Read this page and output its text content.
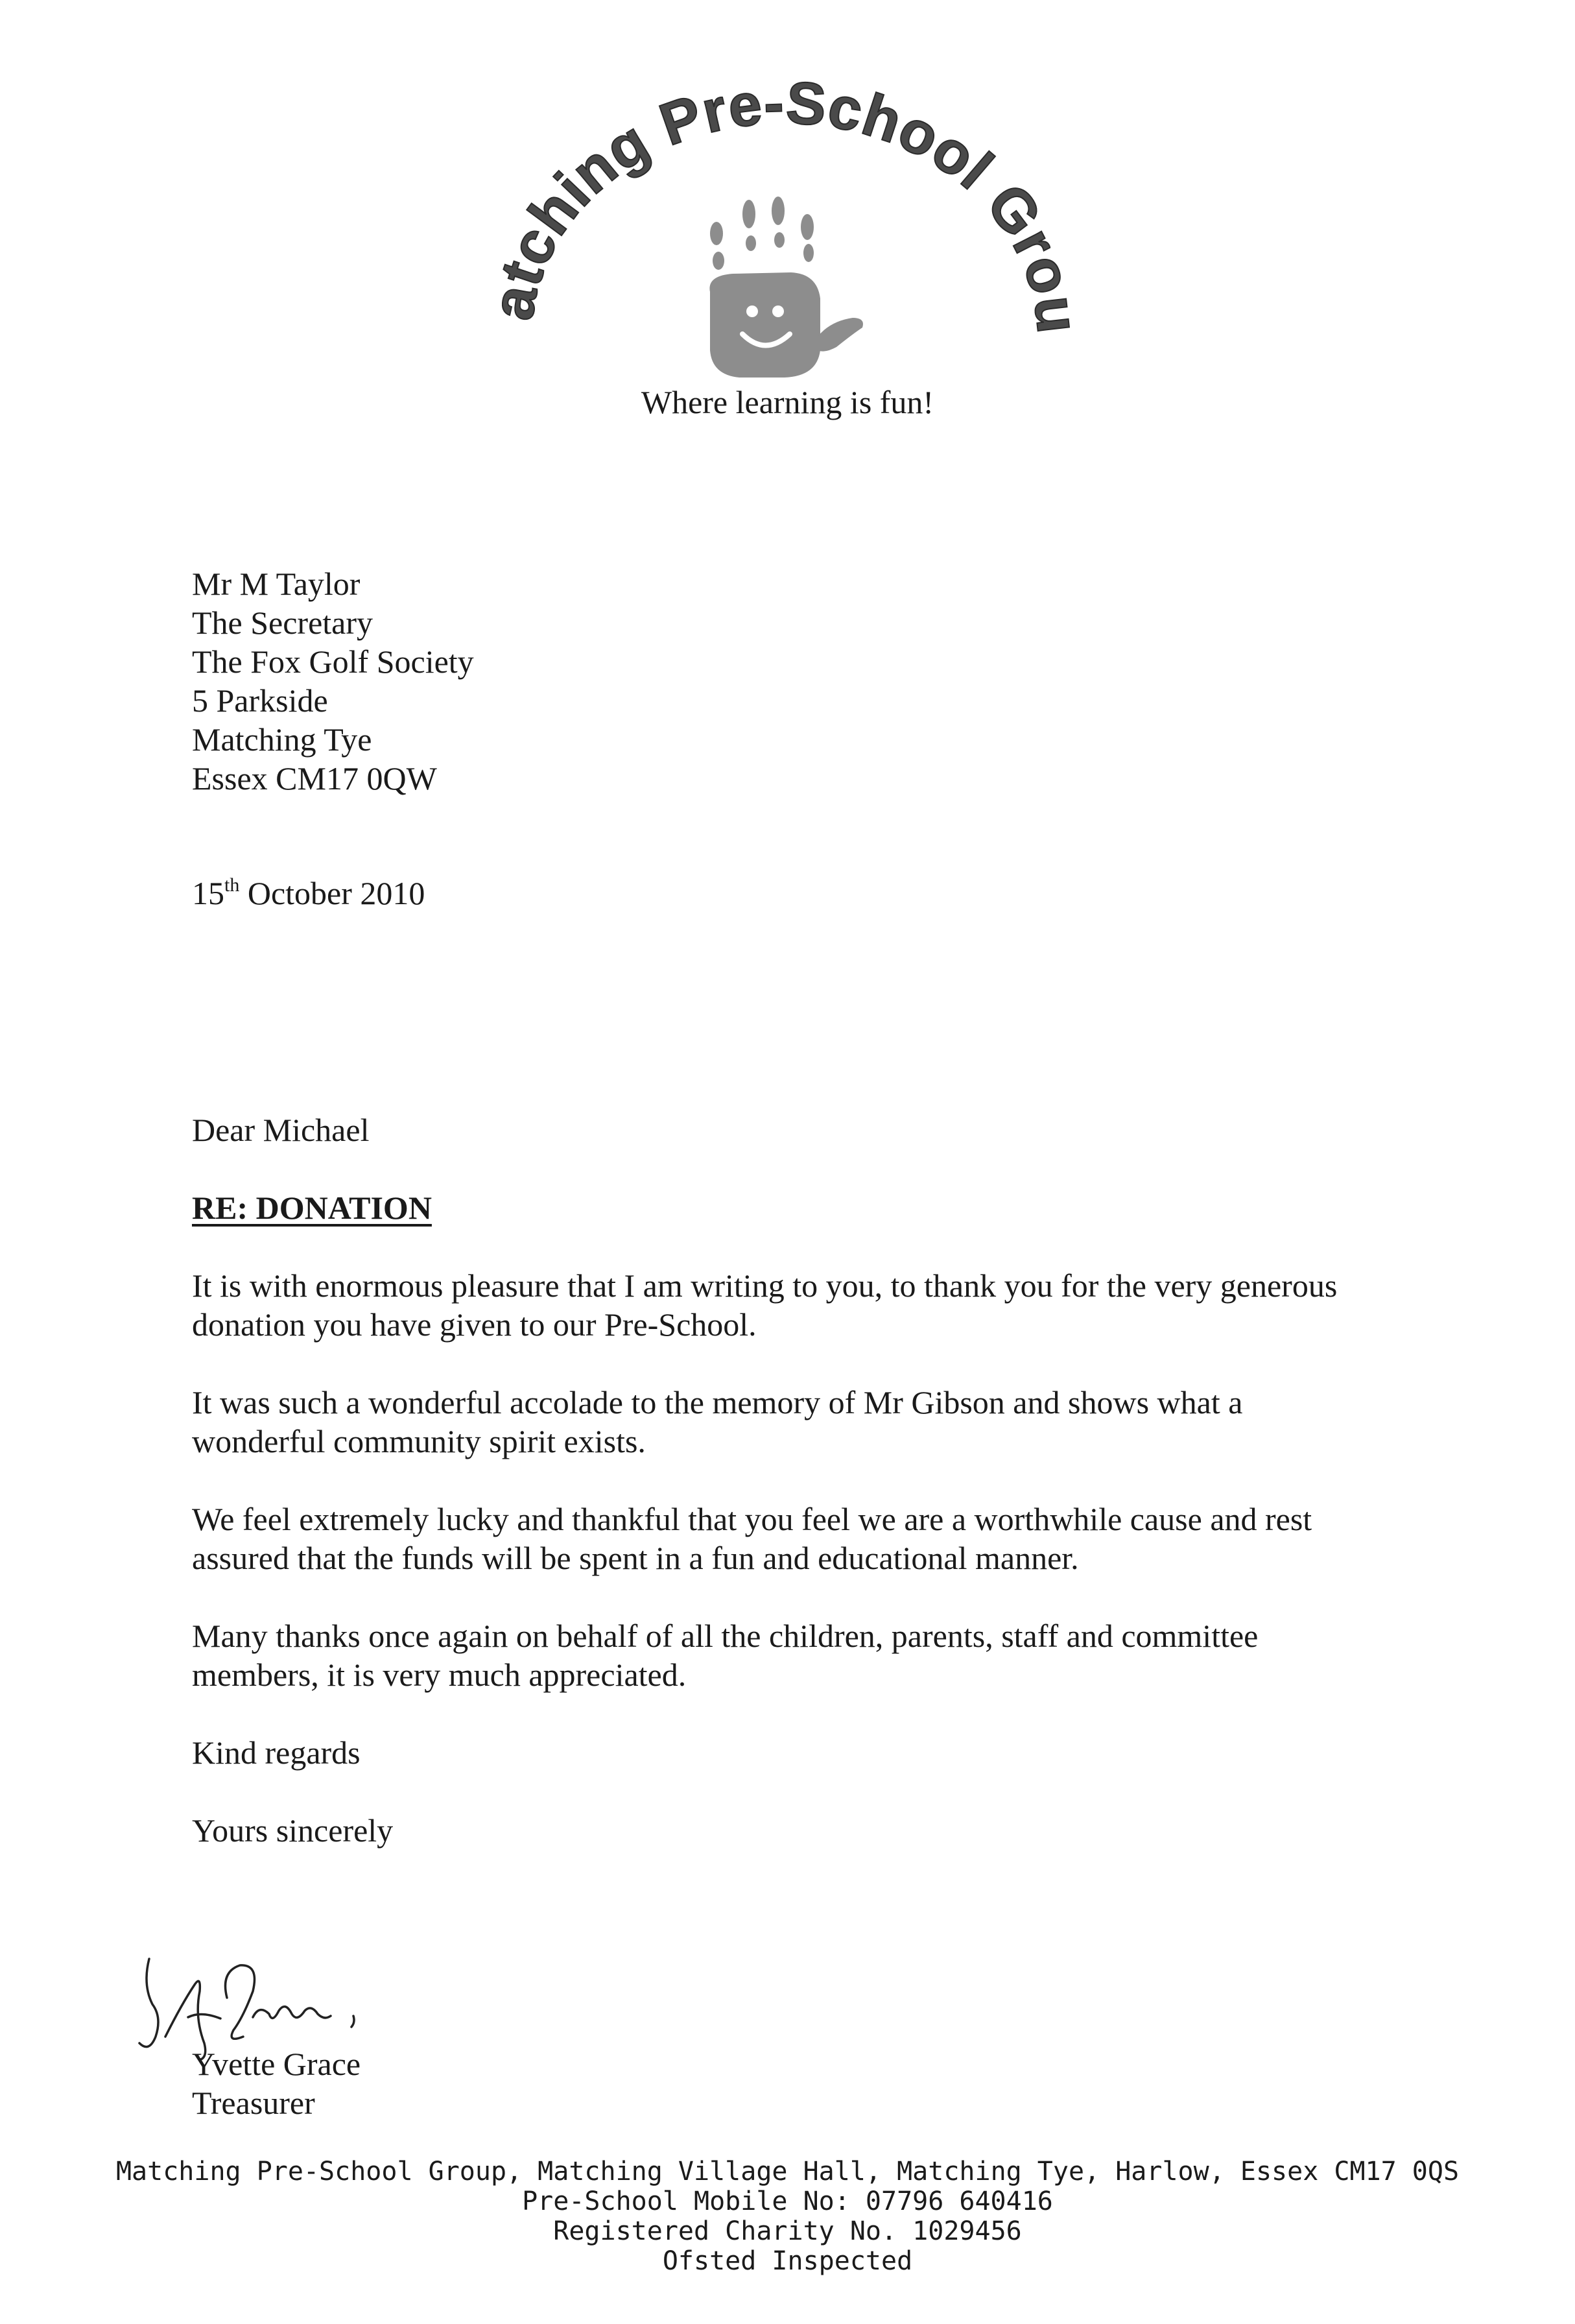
Matching Pre-School Group
Where learning is fun!
Mr M Taylor
The Secretary
The Fox Golf Society
5 Parkside
Matching Tye
Essex CM17 0QW
15th October 2010
Dear Michael
RE: DONATION
It is with enormous pleasure that I am writing to you, to thank you for the very generous
donation you have given to our Pre-School.
It was such a wonderful accolade to the memory of Mr Gibson and shows what a
wonderful community spirit exists.
We feel extremely lucky and thankful that you feel we are a worthwhile cause and rest
assured that the funds will be spent in a fun and educational manner.
Many thanks once again on behalf of all the children, parents, staff and committee
members, it is very much appreciated.
Kind regards
Yours sincerely
Yvette Grace
Treasurer
Matching Pre-School Group, Matching Village Hall, Matching Tye, Harlow, Essex CM17 0QS
Pre-School Mobile No: 07796 640416
Registered Charity No. 1029456
Ofsted Inspected
